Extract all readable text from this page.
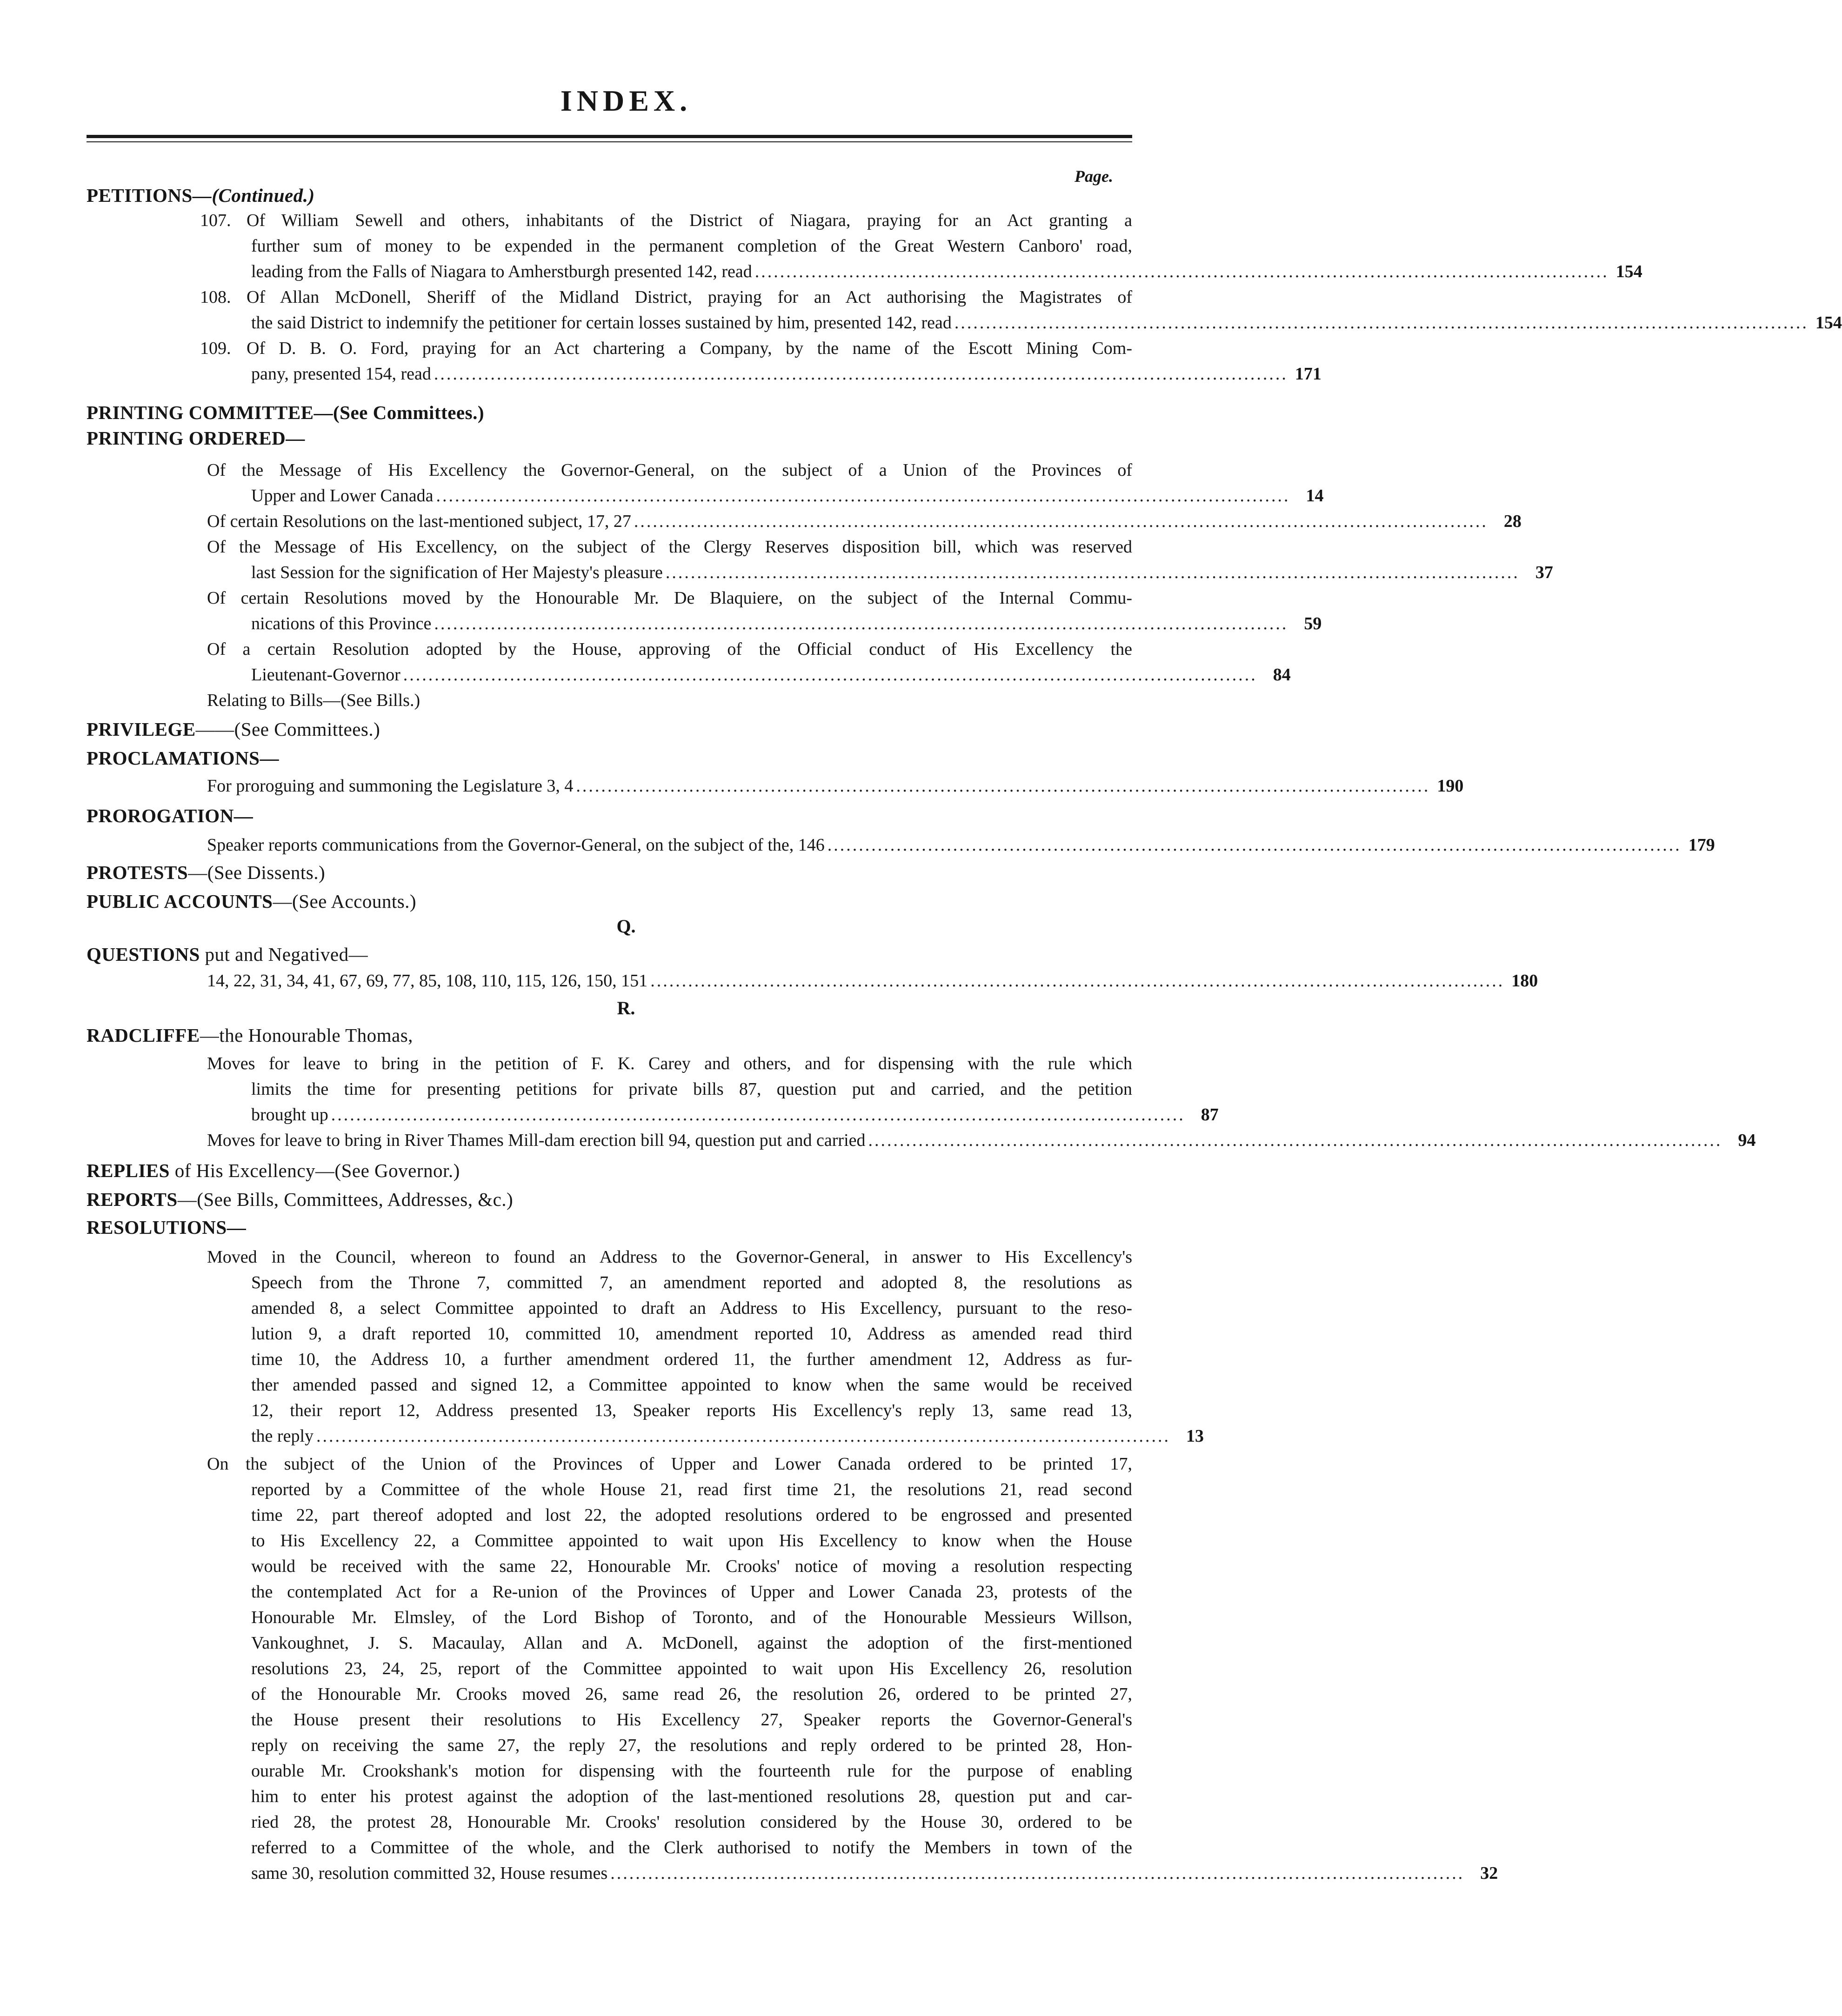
INDEX.
Page.
PETITIONS—(Continued.)
107. Of William Sewell and others, inhabitants of the District of Niagara, praying for an Act granting a
further sum of money to be expended in the permanent completion of the Great Western Canboro' road,
leading from the Falls of Niagara to Amherstburgh presented 142, read ........................................................................................................................................ 154
108. Of Allan McDonell, Sheriff of the Midland District, praying for an Act authorising the Magistrates of
the said District to indemnify the petitioner for certain losses sustained by him, presented 142, read ........................................................................................................................................ 154
109. Of D. B. O. Ford, praying for an Act chartering a Company, by the name of the Escott Mining Com-
pany, presented 154, read ........................................................................................................................................ 171
PRINTING COMMITTEE—(See Committees.)
PRINTING ORDERED—
Of the Message of His Excellency the Governor-General, on the subject of a Union of the Provinces of
Upper and Lower Canada ........................................................................................................................................ 14
Of certain Resolutions on the last-mentioned subject, 17, 27 ........................................................................................................................................ 28
Of the Message of His Excellency, on the subject of the Clergy Reserves disposition bill, which was reserved
last Session for the signification of Her Majesty's pleasure ........................................................................................................................................ 37
Of certain Resolutions moved by the Honourable Mr. De Blaquiere, on the subject of the Internal Commu-
nications of this Province ........................................................................................................................................ 59
Of a certain Resolution adopted by the House, approving of the Official conduct of His Excellency the
Lieutenant-Governor ........................................................................................................................................ 84
Relating to Bills—(See Bills.)
PRIVILEGE——(See Committees.)
PROCLAMATIONS—
For proroguing and summoning the Legislature 3, 4 ........................................................................................................................................ 190
PROROGATION—
Speaker reports communications from the Governor-General, on the subject of the, 146 ........................................................................................................................................ 179
PROTESTS—(See Dissents.)
PUBLIC ACCOUNTS—(See Accounts.)
Q.
QUESTIONS put and Negatived—
14, 22, 31, 34, 41, 67, 69, 77, 85, 108, 110, 115, 126, 150, 151 ........................................................................................................................................ 180
R.
RADCLIFFE—the Honourable Thomas,
Moves for leave to bring in the petition of F. K. Carey and others, and for dispensing with the rule which
limits the time for presenting petitions for private bills 87, question put and carried, and the petition
brought up ........................................................................................................................................ 87
Moves for leave to bring in River Thames Mill-dam erection bill 94, question put and carried ........................................................................................................................................ 94
REPLIES of His Excellency—(See Governor.)
REPORTS—(See Bills, Committees, Addresses, &c.)
RESOLUTIONS—
Moved in the Council, whereon to found an Address to the Governor-General, in answer to His Excellency's
Speech from the Throne 7, committed 7, an amendment reported and adopted 8, the resolutions as
amended 8, a select Committee appointed to draft an Address to His Excellency, pursuant to the reso-
lution 9, a draft reported 10, committed 10, amendment reported 10, Address as amended read third
time 10, the Address 10, a further amendment ordered 11, the further amendment 12, Address as fur-
ther amended passed and signed 12, a Committee appointed to know when the same would be received
12, their report 12, Address presented 13, Speaker reports His Excellency's reply 13, same read 13,
the reply ........................................................................................................................................ 13
On the subject of the Union of the Provinces of Upper and Lower Canada ordered to be printed 17,
reported by a Committee of the whole House 21, read first time 21, the resolutions 21, read second
time 22, part thereof adopted and lost 22, the adopted resolutions ordered to be engrossed and presented
to His Excellency 22, a Committee appointed to wait upon His Excellency to know when the House
would be received with the same 22, Honourable Mr. Crooks' notice of moving a resolution respecting
the contemplated Act for a Re-union of the Provinces of Upper and Lower Canada 23, protests of the
Honourable Mr. Elmsley, of the Lord Bishop of Toronto, and of the Honourable Messieurs Willson,
Vankoughnet, J. S. Macaulay, Allan and A. McDonell, against the adoption of the first-mentioned
resolutions 23, 24, 25, report of the Committee appointed to wait upon His Excellency 26, resolution
of the Honourable Mr. Crooks moved 26, same read 26, the resolution 26, ordered to be printed 27,
the House present their resolutions to His Excellency 27, Speaker reports the Governor-General's
reply on receiving the same 27, the reply 27, the resolutions and reply ordered to be printed 28, Hon-
ourable Mr. Crookshank's motion for dispensing with the fourteenth rule for the purpose of enabling
him to enter his protest against the adoption of the last-mentioned resolutions 28, question put and car-
ried 28, the protest 28, Honourable Mr. Crooks' resolution considered by the House 30, ordered to be
referred to a Committee of the whole, and the Clerk authorised to notify the Members in town of the
same 30, resolution committed 32, House resumes ........................................................................................................................................ 32
